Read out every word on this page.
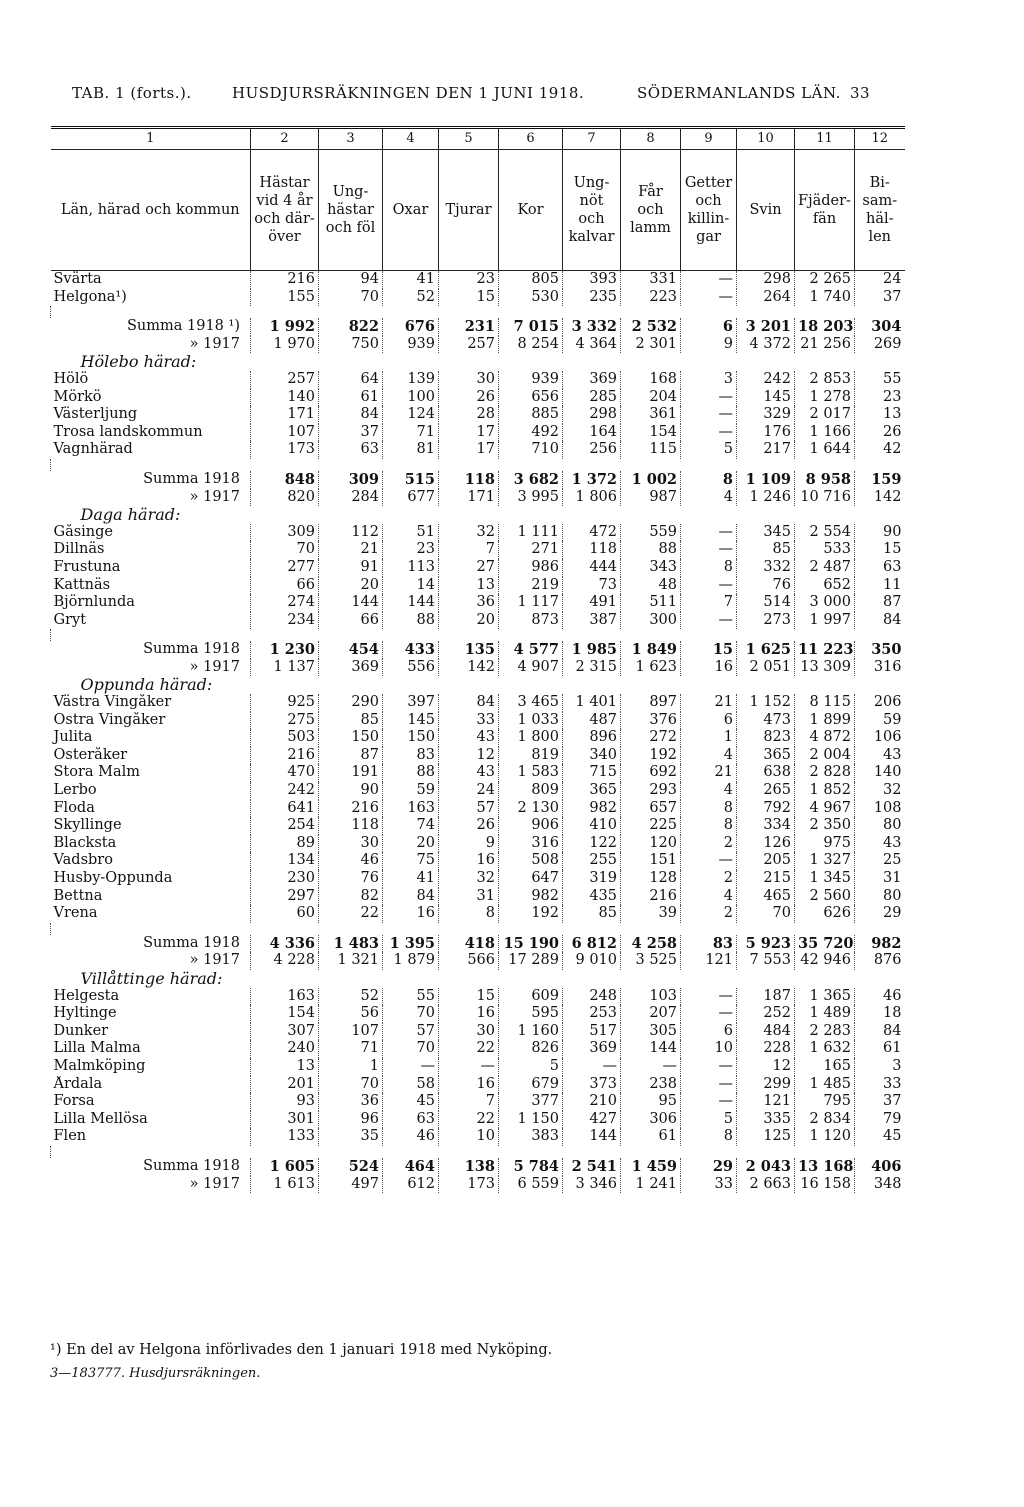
TAB. 1 (forts.).	HUSDJURSRÄKNINGEN DEN 1 JUNI 1918.	SÖDERMANLANDS LÄN. 33
1	2	3	4	5	6	7	8	9	10	11	12
Län, härad och kommun	Hästar vid 4 år och där-över	Ung-hästar och föl	Oxar	Tjurar	Kor	Ung-nöt och kalvar	Får och lamm	Getter och killin-gar	Svin	Fjäder-fän	Bi-sam-häl-len
Svärta	216	94	41	23	805	393	331	—	298	2 265	24
Helgona¹)	155	70	52	15	530	235	223	—	264	1 740	37

Summa 1918 ¹)	1 992	822	676	231	7 015	3 332	2 532	6	3 201	18 203	304
» 1917	1 970	750	939	257	8 254	4 364	2 301	9	4 372	21 256	269
Hölebo härad:											
Hölö	257	64	139	30	939	369	168	3	242	2 853	55
Mörkö	140	61	100	26	656	285	204	—	145	1 278	23
Västerljung	171	84	124	28	885	298	361	—	329	2 017	13
Trosa landskommun	107	37	71	17	492	164	154	—	176	1 166	26
Vagnhärad	173	63	81	17	710	256	115	5	217	1 644	42

Summa 1918	848	309	515	118	3 682	1 372	1 002	8	1 109	8 958	159
» 1917	820	284	677	171	3 995	1 806	987	4	1 246	10 716	142
Daga härad:											
Gåsinge	309	112	51	32	1 111	472	559	—	345	2 554	90
Dillnäs	70	21	23	7	271	118	88	—	85	533	15
Frustuna	277	91	113	27	986	444	343	8	332	2 487	63
Kattnäs	66	20	14	13	219	73	48	—	76	652	11
Björnlunda	274	144	144	36	1 117	491	511	7	514	3 000	87
Gryt	234	66	88	20	873	387	300	—	273	1 997	84

Summa 1918	1 230	454	433	135	4 577	1 985	1 849	15	1 625	11 223	350
» 1917	1 137	369	556	142	4 907	2 315	1 623	16	2 051	13 309	316
Oppunda härad:											
Västra Vingåker	925	290	397	84	3 465	1 401	897	21	1 152	8 115	206
Östra Vingåker	275	85	145	33	1 033	487	376	6	473	1 899	59
Julita	503	150	150	43	1 800	896	272	1	823	4 872	106
Österåker	216	87	83	12	819	340	192	4	365	2 004	43
Stora Malm	470	191	88	43	1 583	715	692	21	638	2 828	140
Lerbo	242	90	59	24	809	365	293	4	265	1 852	32
Floda	641	216	163	57	2 130	982	657	8	792	4 967	108
Skyllinge	254	118	74	26	906	410	225	8	334	2 350	80
Blacksta	89	30	20	9	316	122	120	2	126	975	43
Vadsbro	134	46	75	16	508	255	151	—	205	1 327	25
Husby-Oppunda	230	76	41	32	647	319	128	2	215	1 345	31
Bettna	297	82	84	31	982	435	216	4	465	2 560	80
Vrena	60	22	16	8	192	85	39	2	70	626	29

Summa 1918	4 336	1 483	1 395	418	15 190	6 812	4 258	83	5 923	35 720	982
» 1917	4 228	1 321	1 879	566	17 289	9 010	3 525	121	7 553	42 946	876
Villåttinge härad:											
Helgesta	163	52	55	15	609	248	103	—	187	1 365	46
Hyltinge	154	56	70	16	595	253	207	—	252	1 489	18
Dunker	307	107	57	30	1 160	517	305	6	484	2 283	84
Lilla Malma	240	71	70	22	826	369	144	10	228	1 632	61
Malmköping	13	1	—	—	5	—	—	—	12	165	3
Årdala	201	70	58	16	679	373	238	—	299	1 485	33
Forsa	93	36	45	7	377	210	95	—	121	795	37
Lilla Mellösa	301	96	63	22	1 150	427	306	5	335	2 834	79
Flen	133	35	46	10	383	144	61	8	125	1 120	45

Summa 1918	1 605	524	464	138	5 784	2 541	1 459	29	2 043	13 168	406
» 1917	1 613	497	612	173	6 559	3 346	1 241	33	2 663	16 158	348
¹) En del av Helgona införlivades den 1 januari 1918 med Nyköping.
3—183777. Husdjursräkningen.
